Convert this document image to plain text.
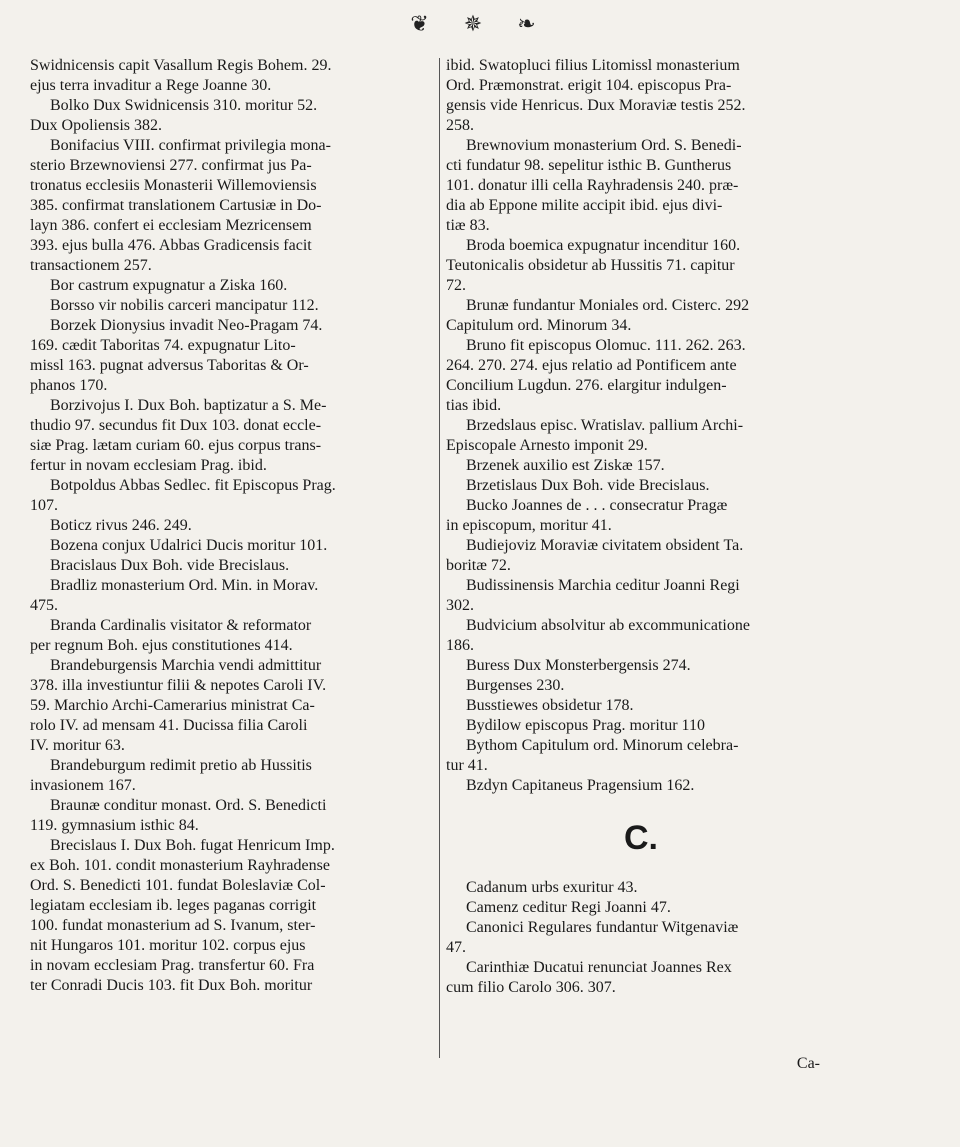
❦ ✵ ❧
Swidnicensis capit Vasallum Regis Bohem. 29.
ejus terra invaditur a Rege Joanne 30.
Bolko Dux Swidnicensis 310. moritur 52.
Dux Opoliensis 382.
Bonifacius VIII. confirmat privilegia mona-
sterio Brzewnoviensi 277. confirmat jus Pa-
tronatus ecclesiis Monasterii Willemoviensis
385. confirmat translationem Cartusiæ in Do-
layn 386. confert ei ecclesiam Mezricensem
393. ejus bulla 476. Abbas Gradicensis facit
transactionem 257.
Bor castrum expugnatur a Ziska 160.
Borsso vir nobilis carceri mancipatur 112.
Borzek Dionysius invadit Neo-Pragam 74.
169. cædit Taboritas 74. expugnatur Lito-
missl 163. pugnat adversus Taboritas & Or-
phanos 170.
Borzivojus I. Dux Boh. baptizatur a S. Me-
thudio 97. secundus fit Dux 103. donat eccle-
siæ Prag. lætam curiam 60. ejus corpus trans-
fertur in novam ecclesiam Prag. ibid.
Botpoldus Abbas Sedlec. fit Episcopus Prag.
107.
Boticz rivus 246. 249.
Bozena conjux Udalrici Ducis moritur 101.
Bracislaus Dux Boh. vide Brecislaus.
Bradliz monasterium Ord. Min. in Morav.
475.
Branda Cardinalis visitator & reformator
per regnum Boh. ejus constitutiones 414.
Brandeburgensis Marchia vendi admittitur
378. illa investiuntur filii & nepotes Caroli IV.
59. Marchio Archi-Camerarius ministrat Ca-
rolo IV. ad mensam 41. Ducissa filia Caroli
IV. moritur 63.
Brandeburgum redimit pretio ab Hussitis
invasionem 167.
Braunæ conditur monast. Ord. S. Benedicti
119. gymnasium isthic 84.
Brecislaus I. Dux Boh. fugat Henricum Imp.
ex Boh. 101. condit monasterium Rayhradense
Ord. S. Benedicti 101. fundat Boleslaviæ Col-
legiatam ecclesiam ib. leges paganas corrigit
100. fundat monasterium ad S. Ivanum, ster-
nit Hungaros 101. moritur 102. corpus ejus
in novam ecclesiam Prag. transfertur 60. Fra
ter Conradi Ducis 103. fit Dux Boh. moritur
ibid. Swatopluci filius Litomissl monasterium
Ord. Præmonstrat. erigit 104. episcopus Pra-
gensis vide Henricus. Dux Moraviæ testis 252.
258.
Brewnovium monasterium Ord. S. Benedi-
cti fundatur 98. sepelitur isthic B. Guntherus
101. donatur illi cella Rayhradensis 240. præ-
dia ab Eppone milite accipit ibid. ejus divi-
tiæ 83.
Broda boemica expugnatur incenditur 160.
Teutonicalis obsidetur ab Hussitis 71. capitur
72.
Brunæ fundantur Moniales ord. Cisterc. 292
Capitulum ord. Minorum 34.
Bruno fit episcopus Olomuc. 111. 262. 263.
264. 270. 274. ejus relatio ad Pontificem ante
Concilium Lugdun. 276. elargitur indulgen-
tias ibid.
Brzedslaus episc. Wratislav. pallium Archi-
Episcopale Arnesto imponit 29.
Brzenek auxilio est Ziskæ 157.
Brzetislaus Dux Boh. vide Brecislaus.
Bucko Joannes de . . . consecratur Pragæ
in episcopum, moritur 41.
Budiejoviz Moraviæ civitatem obsident Ta.
boritæ 72.
Budissinensis Marchia ceditur Joanni Regi
302.
Budvicium absolvitur ab excommunicatione
186.
Buress Dux Monsterbergensis 274.
Burgenses 230.
Busstiewes obsidetur 178.
Bydilow episcopus Prag. moritur 110
Bythom Capitulum ord. Minorum celebra-
tur 41.
Bzdyn Capitaneus Pragensium 162.
C.
Cadanum urbs exuritur 43.
Camenz ceditur Regi Joanni 47.
Canonici Regulares fundantur Witgenaviæ
47.
Carinthiæ Ducatui renunciat Joannes Rex
cum filio Carolo 306. 307.
Ca-
